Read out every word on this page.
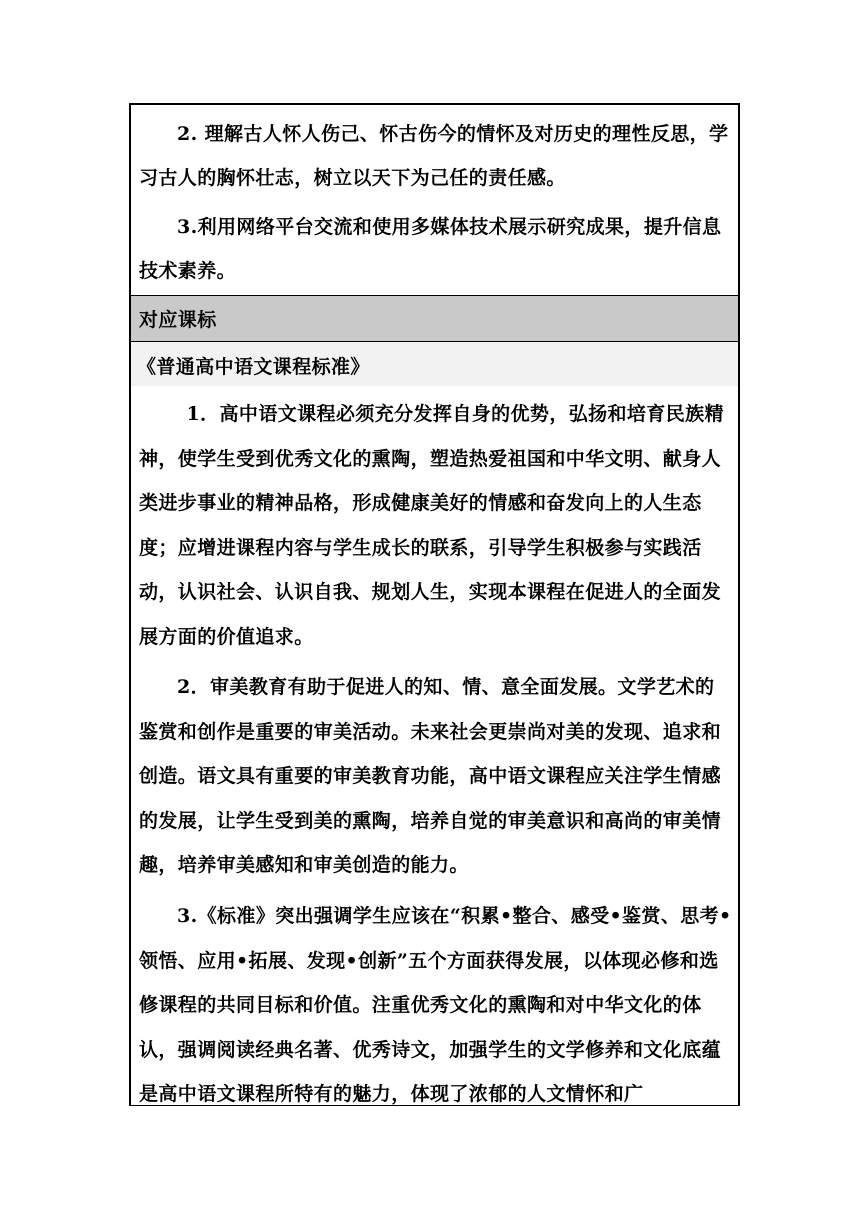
2. 理解古人怀人伤己、怀古伤今的情怀及对历史的理性反思，学习古人的胸怀壮志，树立以天下为己任的责任感。

3.利用网络平台交流和使用多媒体技术展示研究成果，提升信息技术素养。

对应课标
《普通高中语文课程标准》

1．高中语文课程必须充分发挥自身的优势，弘扬和培育民族精神，使学生受到优秀文化的熏陶，塑造热爱祖国和中华文明、献身人类进步事业的精神品格，形成健康美好的情感和奋发向上的人生态度；应增进课程内容与学生成长的联系，引导学生积极参与实践活动，认识社会、认识自我、规划人生，实现本课程在促进人的全面发展方面的价值追求。

2．审美教育有助于促进人的知、情、意全面发展。文学艺术的鉴赏和创作是重要的审美活动。未来社会更崇尚对美的发现、追求和创造。语文具有重要的审美教育功能，高中语文课程应关注学生情感的发展，让学生受到美的熏陶，培养自觉的审美意识和高尚的审美情趣，培养审美感知和审美创造的能力。

3.《标准》突出强调学生应该在“积累•整合、感受•鉴赏、思考•领悟、应用•拓展、发现•创新”五个方面获得发展，以体现必修和选修课程的共同目标和价值。注重优秀文化的熏陶和对中华文化的体认，强调阅读经典名著、优秀诗文，加强学生的文学修养和文化底蕴是高中语文课程所特有的魅力，体现了浓郁的人文情怀和广
